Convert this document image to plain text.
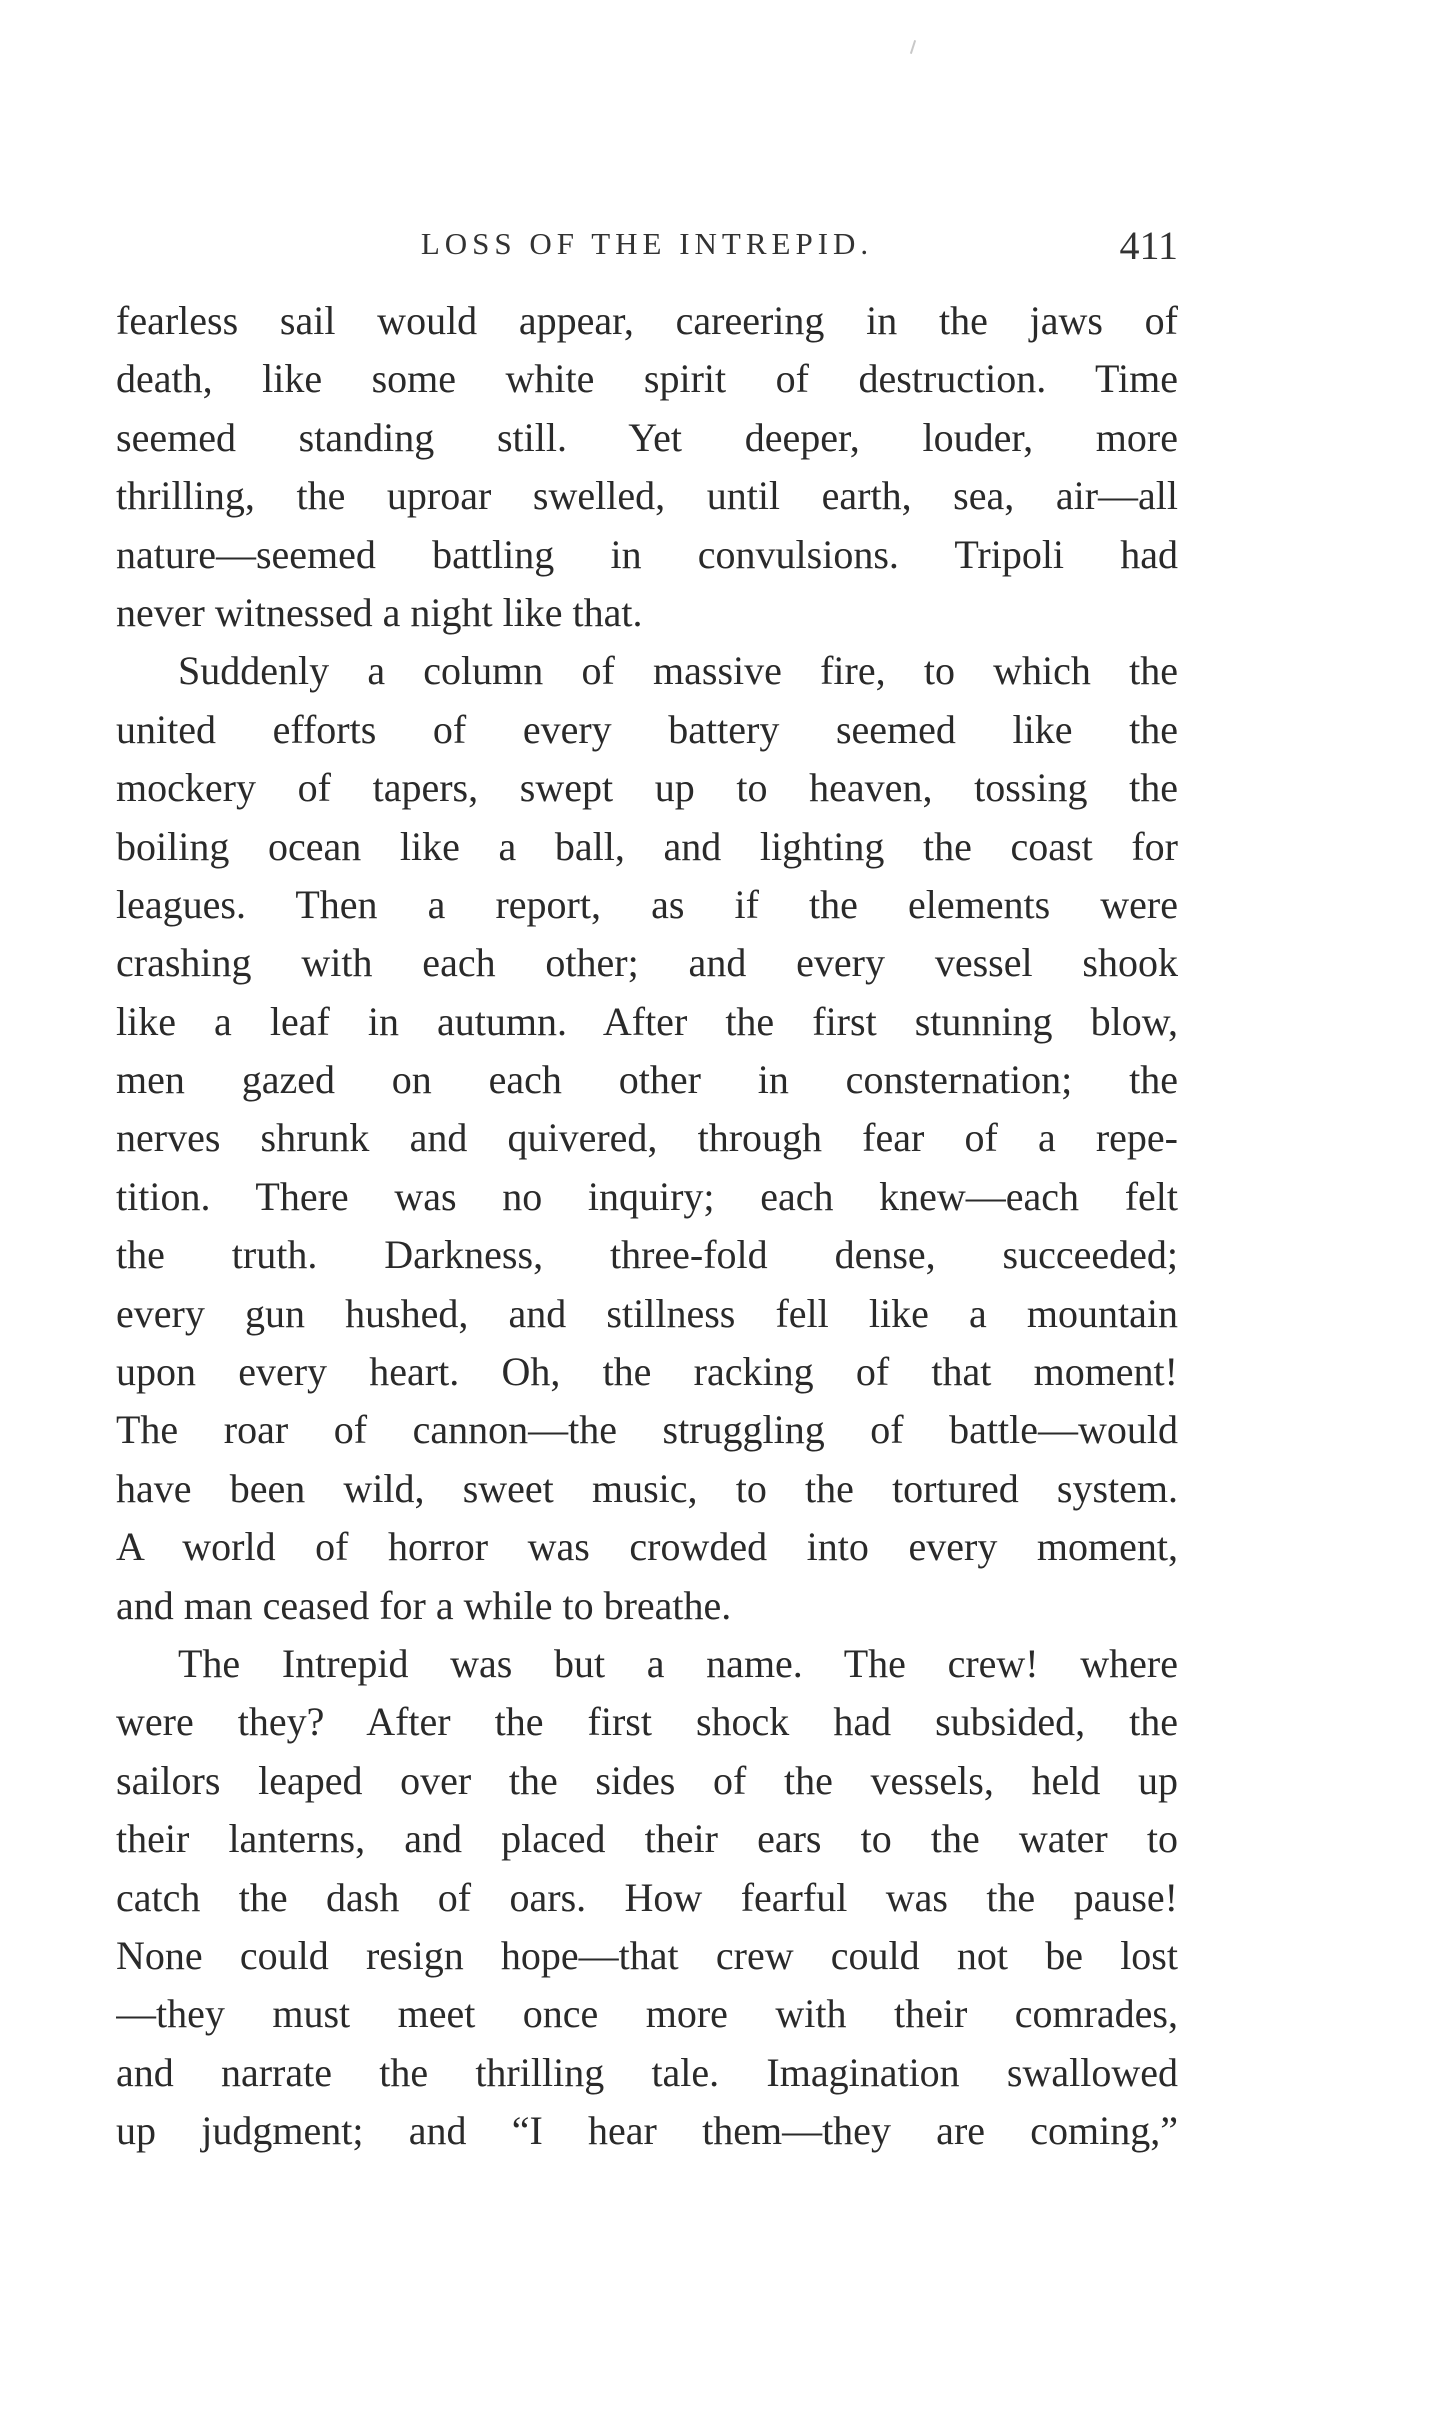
LOSS OF THE INTREPID.	411
fearless sail would appear, careering in the jaws of
death, like some white spirit of destruction. Time
seemed standing still. Yet deeper, louder, more
thrilling, the uproar swelled, until earth, sea, air—all
nature—seemed battling in convulsions. Tripoli had
never witnessed a night like that.
Suddenly a column of massive fire, to which the
united efforts of every battery seemed like the
mockery of tapers, swept up to heaven, tossing the
boiling ocean like a ball, and lighting the coast for
leagues. Then a report, as if the elements were
crashing with each other; and every vessel shook
like a leaf in autumn. After the first stunning blow,
men gazed on each other in consternation; the
nerves shrunk and quivered, through fear of a repe-
tition. There was no inquiry; each knew—each felt
the truth. Darkness, three-fold dense, succeeded;
every gun hushed, and stillness fell like a mountain
upon every heart. Oh, the racking of that moment!
The roar of cannon—the struggling of battle—would
have been wild, sweet music, to the tortured system.
A world of horror was crowded into every moment,
and man ceased for a while to breathe.
The Intrepid was but a name. The crew! where
were they? After the first shock had subsided, the
sailors leaped over the sides of the vessels, held up
their lanterns, and placed their ears to the water to
catch the dash of oars. How fearful was the pause!
None could resign hope—that crew could not be lost
—they must meet once more with their comrades,
and narrate the thrilling tale. Imagination swallowed
up judgment; and “I hear them—they are coming,”
